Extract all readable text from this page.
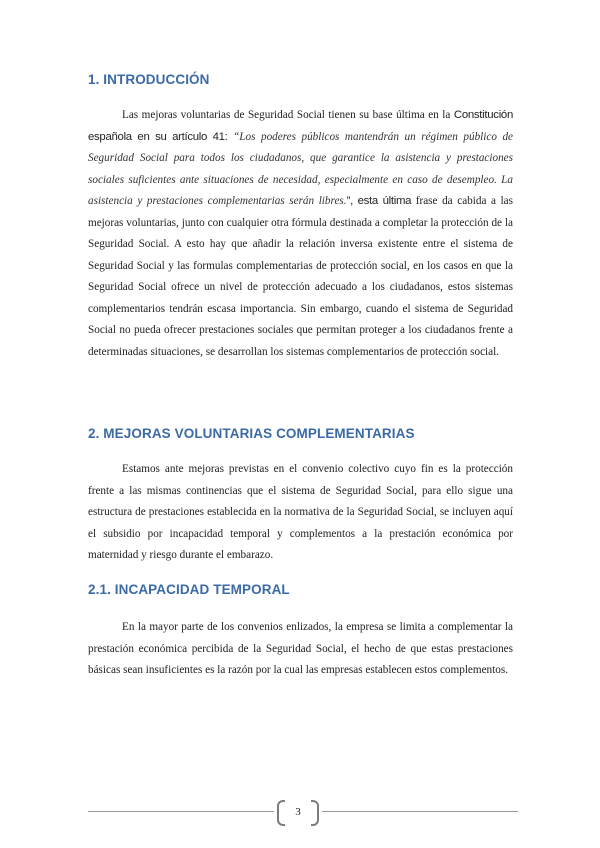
1. INTRODUCCIÓN

Las mejoras voluntarias de Seguridad Social tienen su base última en la Constitución española en su artículo 41: “Los poderes públicos mantendrán un régimen público de Seguridad Social para todos los ciudadanos, que garantice la asistencia y prestaciones sociales suficientes ante situaciones de necesidad, especialmente en caso de desempleo. La asistencia y prestaciones complementarias serán libres.”, esta última frase da cabida a las mejoras voluntarias, junto con cualquier otra fórmula destinada a completar la protección de la Seguridad Social. A esto hay que añadir la relación inversa existente entre el sistema de Seguridad Social y las formulas complementarias de protección social, en los casos en que la Seguridad Social ofrece un nivel de protección adecuado a los ciudadanos, estos sistemas complementarios tendrán escasa importancia. Sin embargo, cuando el sistema de Seguridad Social no pueda ofrecer prestaciones sociales que permitan proteger a los ciudadanos frente a determinadas situaciones, se desarrollan los sistemas complementarios de protección social.

2. MEJORAS VOLUNTARIAS COMPLEMENTARIAS

Estamos ante mejoras previstas en el convenio colectivo cuyo fin es la protección frente a las mismas continencias que el sistema de Seguridad Social, para ello sigue una estructura de prestaciones establecida en la normativa de la Seguridad Social, se incluyen aquí el subsidio por incapacidad temporal y complementos a la prestación económica por maternidad y riesgo durante el embarazo.

2.1. INCAPACIDAD TEMPORAL

En la mayor parte de los convenios enlizados, la empresa se limita a complementar la prestación económica percibida de la Seguridad Social, el hecho de que estas prestaciones básicas sean insuficientes es la razón por la cual las empresas establecen estos complementos.

3
